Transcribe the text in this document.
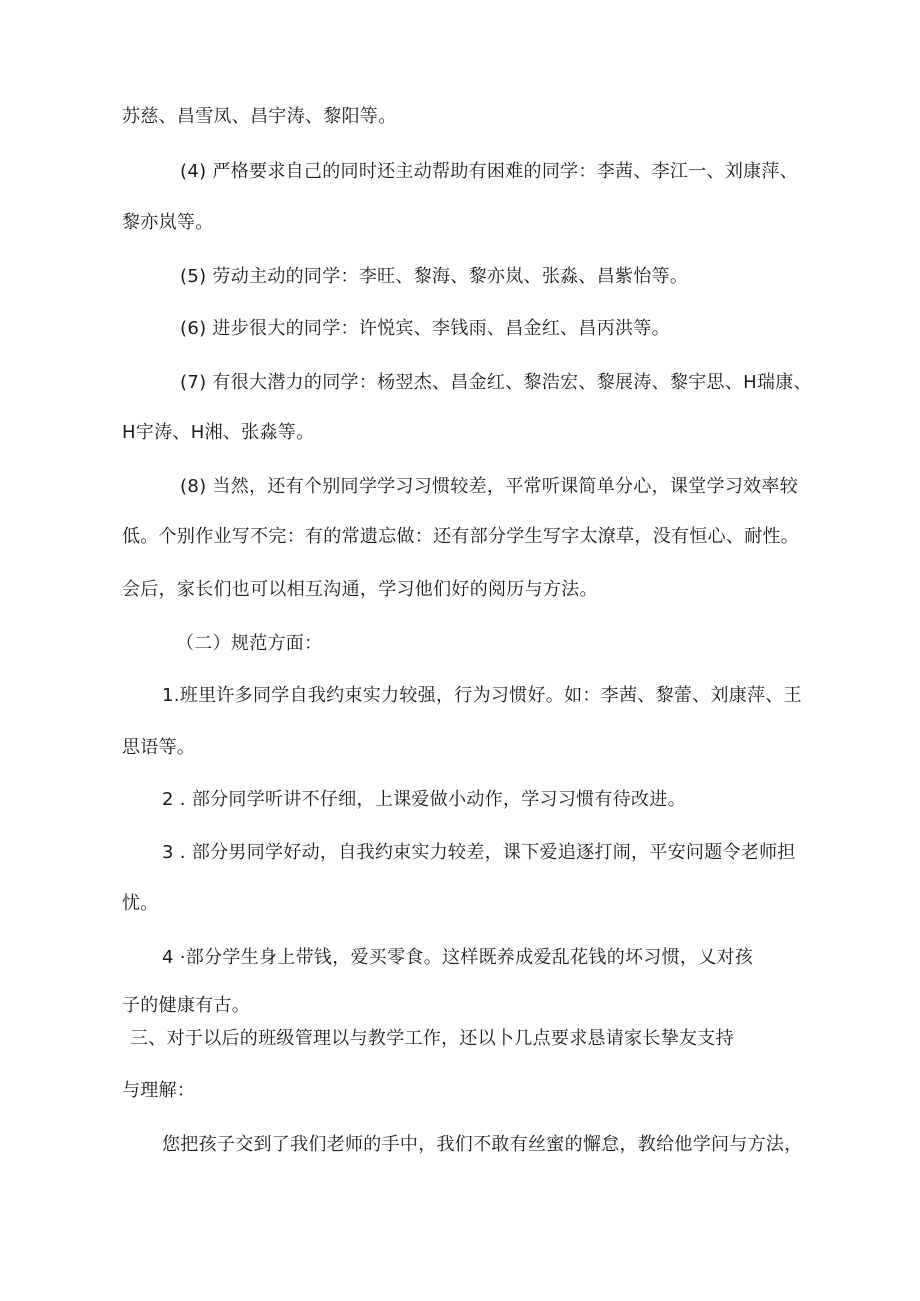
苏慈、昌雪凤、昌宇涛、黎阳等。
(4) 严格要求自己的同时还主动帮助有困难的同学：李茜、李江一、刘康萍、
黎亦岚等。
(5) 劳动主动的同学：李旺、黎海、黎亦岚、张淼、昌紫怡等。
(6) 进步很大的同学：许悦宾、李钱雨、昌金红、昌丙洪等。
(7) 有很大潜力的同学：杨翌杰、昌金红、黎浩宏、黎展涛、黎宇思、H瑞康、
H宇涛、H湘、张淼等。
(8) 当然，还有个别同学学习习惯较差，平常听课简单分心，课堂学习效率较
低。个别作业写不完：有的常遗忘做：还有部分学生写字太潦草，没有恒心、耐性。
会后，家长们也可以相互沟通，学习他们好的阅历与方法。
（二）规范方面：
1.班里许多同学自我约束实力较强，行为习惯好。如：李茜、黎蕾、刘康萍、王
思语等。
2 . 部分同学听讲不仔细，上课爱做小动作，学习习惯有待改进。
3 . 部分男同学好动，自我约束实力较差，课下爱追逐打闹，平安问题令老师担
忧。
4 ·部分学生身上带钱，爱买零食。这样既养成爱乱花钱的坏习惯，乂对孩
子的健康有古。
三、对于以后的班级管理以与教学工作，还以卜几点要求恳请家长挚友支持
与理解：
您把孩子交到了我们老师的手中，我们不敢有丝蜜的懈怠，教给他学问与方法，
